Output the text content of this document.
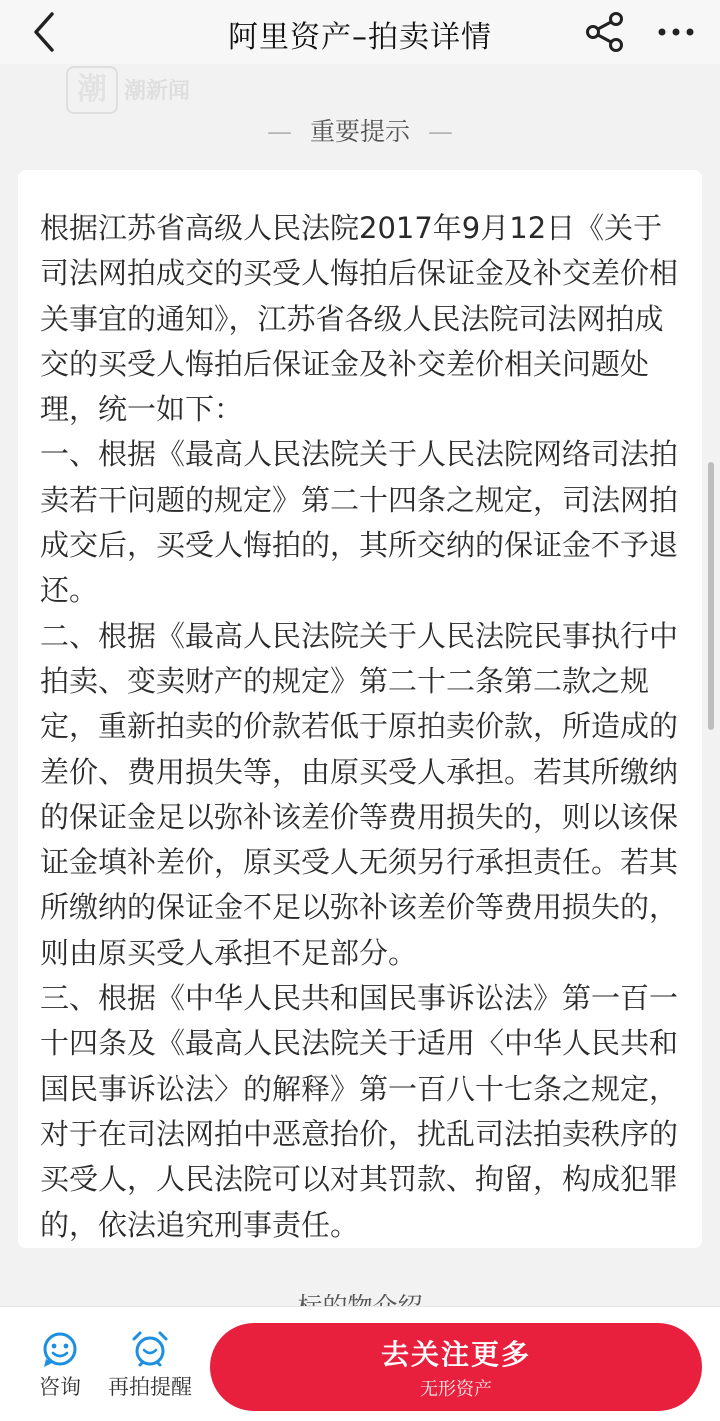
阿里资产–拍卖详情
潮 潮新闻
— 重要提示 —

根据江苏省高级人民法院2017年9月12日《关于司法网拍成交的买受人悔拍后保证金及补交差价相关事宜的通知》，江苏省各级人民法院司法网拍成交的买受人悔拍后保证金及补交差价相关问题处理，统一如下：

一、根据《最高人民法院关于人民法院网络司法拍卖若干问题的规定》第二十四条之规定，司法网拍成交后，买受人悔拍的，其所交纳的保证金不予退还。

二、根据《最高人民法院关于人民法院民事执行中拍卖、变卖财产的规定》第二十二条第二款之规定，重新拍卖的价款若低于原拍卖价款，所造成的差价、费用损失等，由原买受人承担。若其所缴纳的保证金足以弥补该差价等费用损失的，则以该保证金填补差价，原买受人无须另行承担责任。若其所缴纳的保证金不足以弥补该差价等费用损失的，则由原买受人承担不足部分。

三、根据《中华人民共和国民事诉讼法》第一百一十四条及《最高人民法院关于适用〈中华人民共和国民事诉讼法〉的解释》第一百八十七条之规定，对于在司法网拍中恶意抬价，扰乱司法拍卖秩序的买受人，人民法院可以对其罚款、拘留，构成犯罪的，依法追究刑事责任。

咨询	再拍提醒
去关注更多
无形资产
